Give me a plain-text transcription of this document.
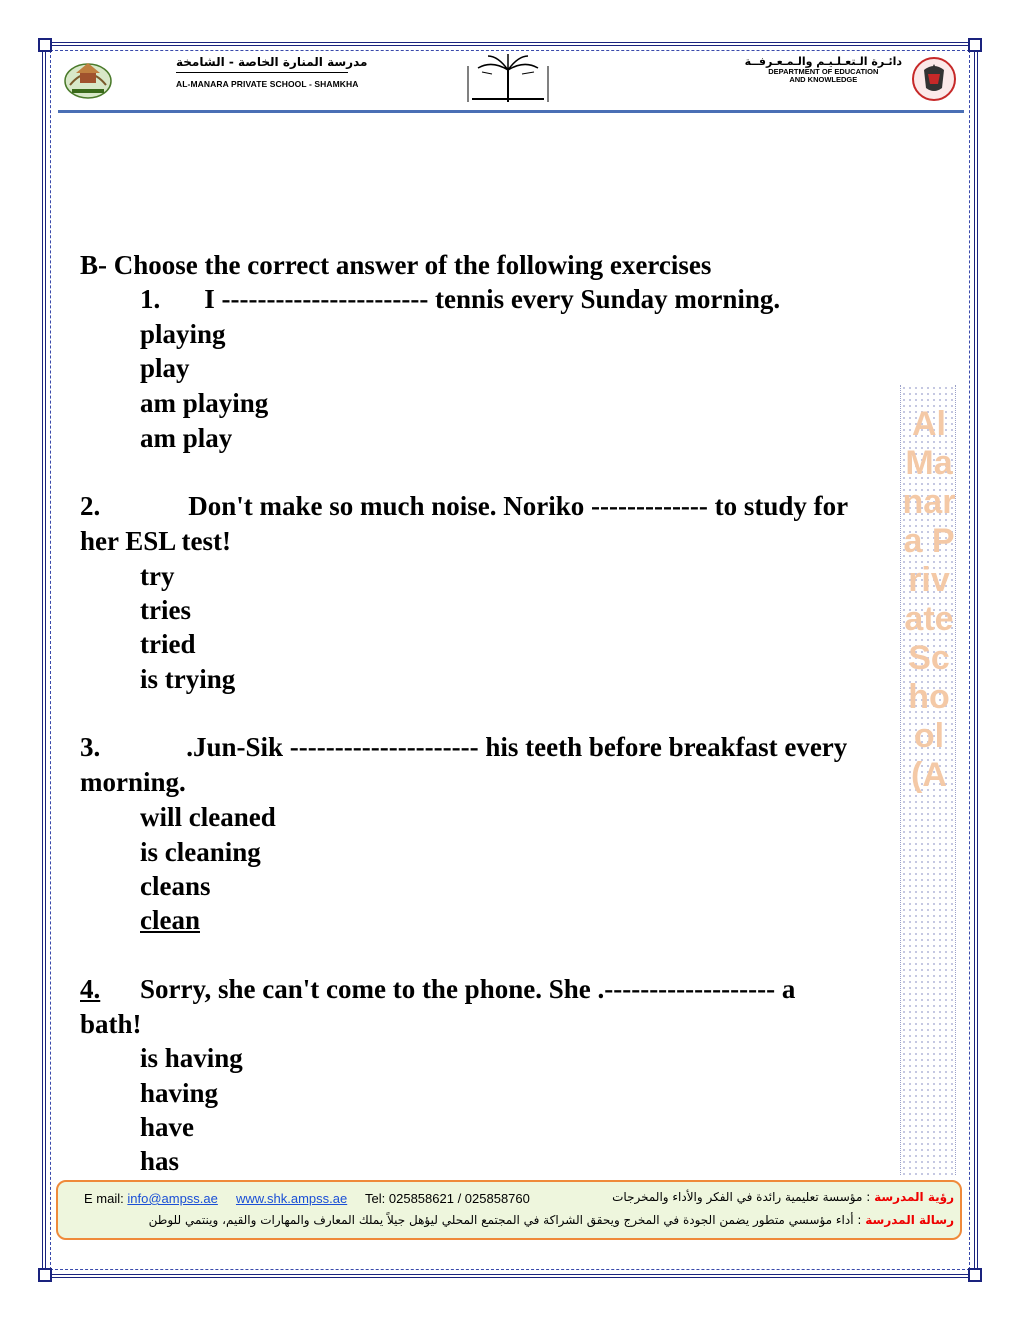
مدرسة المنارة الخاصة - الشامخة
AL-MANARA PRIVATE SCHOOL - SHAMKHA
دائـرة الـتعـلـيـم والـمـعـرفــة
DEPARTMENT OF EDUCATION
AND KNOWLEDGE
Al Manara Private School (A
B- Choose the correct answer of the following exercises
1. I ----------------------- tennis every Sunday morning.
playing
play
am playing
am play
2.	Don't make so much noise. Noriko ------------- to study for
her ESL test!
try
tries
tried
is trying
3.	.Jun-Sik --------------------- his teeth before breakfast every
morning.
will cleaned
is cleaning
cleans
clean
4. Sorry, she can't come to the phone. She .------------------- a
bath!
is having
having
have
has
E mail: info@ampss.ae www.shk.ampss.ae Tel: 025858621 / 025858760	رؤية المدرسة : مؤسسة تعليمية رائدة في الفكر والأداء والمخرجات
رسالة المدرسة : أداء مؤسسي متطور يضمن الجودة في المخرج ويحقق الشراكة في المجتمع المحلي ليؤهل جيلاً يملك المعارف والمهارات والقيم، وينتمي للوطن
